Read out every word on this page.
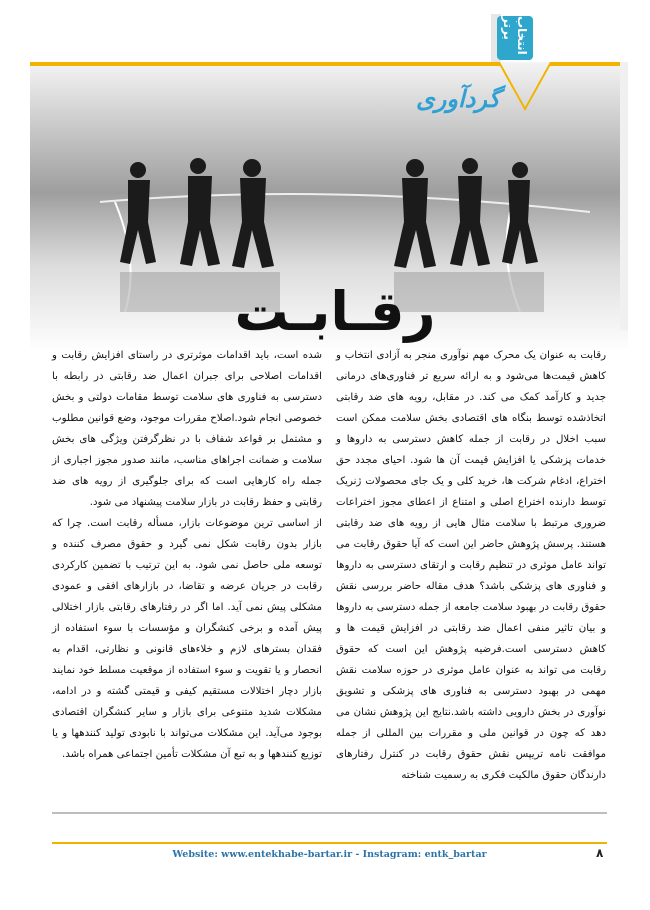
انتخاب برتر
گردآوری
رقـابـت

رقابت به عنوان یک محرک مهم نوآوری منجر به آزادی انتخاب و کاهش قیمت‌ها می‌شود و به ارائه سریع تر فناوری‌های درمانی جدید و کارآمد کمک می کند. در مقابل، رویه های ضد رقابتی اتخاذشده توسط بنگاه های اقتصادی بخش سلامت ممکن است سبب اخلال در رقابت از جمله کاهش دسترسی به داروها و خدمات پزشکی یا افزایش قیمت آن ها شود. احیای مجدد حق اختراع، ادغام شرکت ها، خرید کلی و یک جای محصولات ژنریک توسط دارنده اختراع اصلی و امتناع از اعطای مجوز اختراعات ضروری مرتبط با سلامت مثال هایی از رویه های ضد رقابتی هستند. پرسش پژوهش حاضر این است که آیا حقوق رقابت می تواند عامل موثری در تنظیم رقابت و ارتقای دسترسی به داروها و فناوری های پزشکی باشد؟ هدف مقاله حاضر بررسی نقش حقوق رقابت در بهبود سلامت جامعه از جمله دسترسی به داروها و بیان تاثیر منفی اعمال ضد رقابتی در افزایش قیمت ها و کاهش دسترسی است.فرضیه پژوهش این است که حقوق رقابت می تواند به عنوان عامل موثری در حوزه سلامت نقش مهمی در بهبود دسترسی به فناوری های پزشکی و تشویق نوآوری در بخش دارویی داشته باشد.نتایج این پژوهش نشان می دهد که چون در قوانین ملی و مقررات بین المللی از جمله موافقت نامه تریپس نقش حقوق رقابت در کنترل رفتارهای دارندگان حقوق مالکیت فکری به رسمیت شناخته

شده است، باید اقدامات موثرتری در راستای افزایش رقابت و اقدامات اصلاحی برای جبران اعمال ضد رقابتی در رابطه با دسترسی به فناوری های سلامت توسط مقامات دولتی و بخش خصوصی انجام شود.اصلاح مقررات موجود، وضع قوانین مطلوب و مشتمل بر قواعد شفاف با در نظرگرفتن ویژگی های بخش سلامت و ضمانت اجراهای مناسب، مانند صدور مجوز اجباری از جمله راه کارهایی است که برای جلوگیری از رویه های ضد رقابتی و حفظ رقابت در بازار سلامت پیشنهاد می شود.
از اساسی ترین موضوعات بازار، مسأله رقابت است. چرا که بازار بدون رقابت شکل نمی گیرد و حقوق مصرف کننده و توسعه ملی حاصل نمی شود. به این ترتیب با تضمین کارکردی رقابت در جریان عرضه و تقاضا، در بازارهای افقی و عمودی مشکلی پیش نمی آید. اما اگر در رفتارهای رقابتی بازار اختلالی پیش آمده و برخی کنشگران و مؤسسات با سوء استفاده از فقدان بسترهای لازم و خلاءهای قانونی و نظارتی، اقدام به انحصار و یا تقویت و سوء استفاده از موقعیت مسلط خود نمایند بازار دچار اختلالات مستقیم کیفی و قیمتی گشته و در ادامه، مشکلات شدید متنوعی برای بازار و سایر کنشگران اقتصادی بوجود می‌آید. این مشکلات می‌تواند با نابودی تولید کنندهها و یا توزیع کنندهها و به تبع آن مشکلات تأمین اجتماعی همراه باشد.
Website: www.entekhabe-bartar.ir - Instagram: entk_bartar	۸
